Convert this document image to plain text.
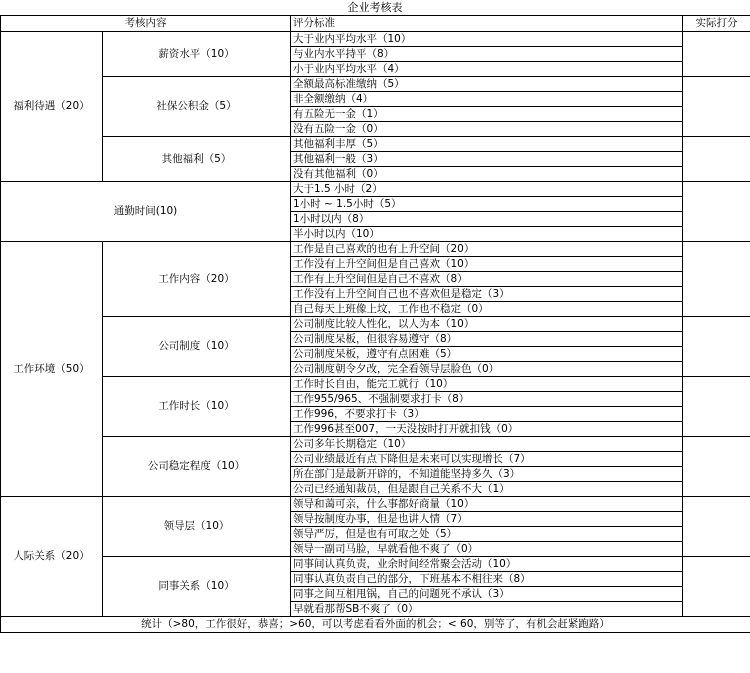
企业考核表
考核内容		评分标准	实际打分
福利待遇（20）	薪资水平（10）	大于业内平均水平（10）	
		与业内水平持平（8）	
		小于业内平均水平（4）	
	社保公积金（5）	全额最高标准缴纳（5）	
		非全额缴纳（4）	
		有五险无一金（1）	
		没有五险一金（0）	
	其他福利（5）	其他福利丰厚（5）	
		其他福利一般（3）	
		没有其他福利（0）	
通勤时间(10)		大于1.5 小时（2）	
		1小时 ~ 1.5小时（5）	
		1小时以内（8）	
		半小时以内（10）	
工作环境（50）	工作内容（20）	工作是自己喜欢的也有上升空间（20）	
		工作没有上升空间但是自己喜欢（10）	
		工作有上升空间但是自己不喜欢（8）	
		工作没有上升空间自己也不喜欢但是稳定（3）	
		自己每天上班像上坟，工作也不稳定（0）	
	公司制度（10）	公司制度比较人性化，以人为本（10）	
		公司制度呆板，但很容易遵守（8）	
		公司制度呆板，遵守有点困难（5）	
		公司制度朝令夕改，完全看领导层脸色（0）	
	工作时长（10）	工作时长自由，能完工就行（10）	
		工作955/965、不强制要求打卡（8）	
		工作996，不要求打卡（3）	
		工作996甚至007，一天没按时打开就扣钱（0）	
	公司稳定程度（10）	公司多年长期稳定（10）	
		公司业绩最近有点下降但是未来可以实现增长（7）	
		所在部门是最新开辟的，不知道能坚持多久（3）	
		公司已经通知裁员，但是跟自己关系不大（1）	
人际关系（20）	领导层（10）	领导和蔼可亲，什么事都好商量（10）	
		领导按制度办事，但是也讲人情（7）	
		领导严厉，但是也有可取之处（5）	
		领导一副司马脸，早就看他不爽了（0）	
	同事关系（10）	同事间认真负责，业余时间经常聚会活动（10）	
		同事认真负责自己的部分，下班基本不相往来（8）	
		同事之间互相甩锅，自己的问题死不承认（3）	
		早就看那帮SB不爽了（0）	
统计（>80，工作很好，恭喜；>60，可以考虑看看外面的机会；< 60，别等了，有机会赶紧跑路）			
